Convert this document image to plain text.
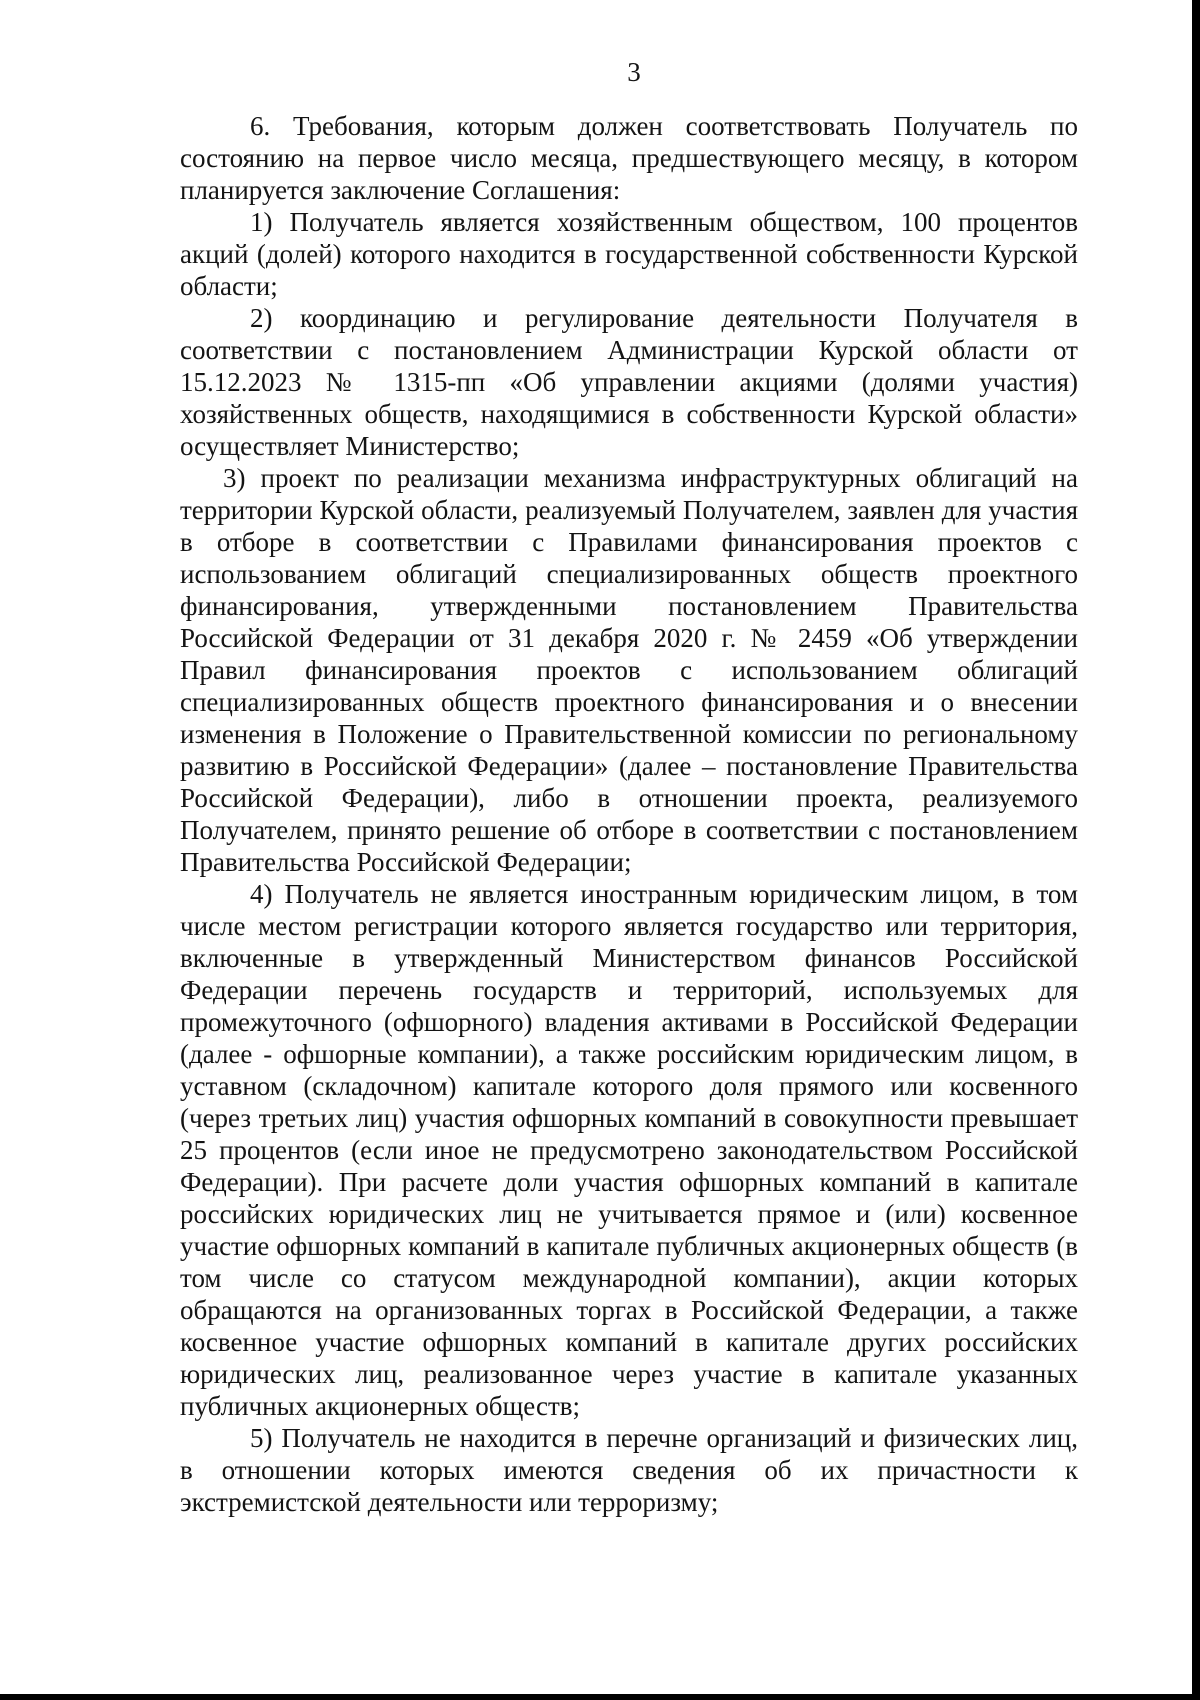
3

6. Требования, которым должен соответствовать Получатель по состоянию на первое число месяца, предшествующего месяцу, в котором планируется заключение Соглашения:

1) Получатель является хозяйственным обществом, 100 процентов акций (долей) которого находится в государственной собственности Курской области;

2) координацию и регулирование деятельности Получателя в соответствии с постановлением Администрации Курской области от 15.12.2023 № 1315-пп «Об управлении акциями (долями участия) хозяйственных обществ, находящимися в собственности Курской области» осуществляет Министерство;

3) проект по реализации механизма инфраструктурных облигаций на территории Курской области, реализуемый Получателем, заявлен для участия в отборе в соответствии с Правилами финансирования проектов с использованием облигаций специализированных обществ проектного финансирования, утвержденными постановлением Правительства Российской Федерации от 31 декабря 2020 г. № 2459 «Об утверждении Правил финансирования проектов с использованием облигаций специализированных обществ проектного финансирования и о внесении изменения в Положение о Правительственной комиссии по региональному развитию в Российской Федерации» (далее – постановление Правительства Российской Федерации), либо в отношении проекта, реализуемого Получателем, принято решение об отборе в соответствии с постановлением Правительства Российской Федерации;

4) Получатель не является иностранным юридическим лицом, в том числе местом регистрации которого является государство или территория, включенные в утвержденный Министерством финансов Российской Федерации перечень государств и территорий, используемых для промежуточного (офшорного) владения активами в Российской Федерации (далее - офшорные компании), а также российским юридическим лицом, в уставном (складочном) капитале которого доля прямого или косвенного (через третьих лиц) участия офшорных компаний в совокупности превышает 25 процентов (если иное не предусмотрено законодательством Российской Федерации). При расчете доли участия офшорных компаний в капитале российских юридических лиц не учитывается прямое и (или) косвенное участие офшорных компаний в капитале публичных акционерных обществ (в том числе со статусом международной компании), акции которых обращаются на организованных торгах в Российской Федерации, а также косвенное участие офшорных компаний в капитале других российских юридических лиц, реализованное через участие в капитале указанных публичных акционерных обществ;

5) Получатель не находится в перечне организаций и физических лиц, в отношении которых имеются сведения об их причастности к экстремистской деятельности или терроризму;
